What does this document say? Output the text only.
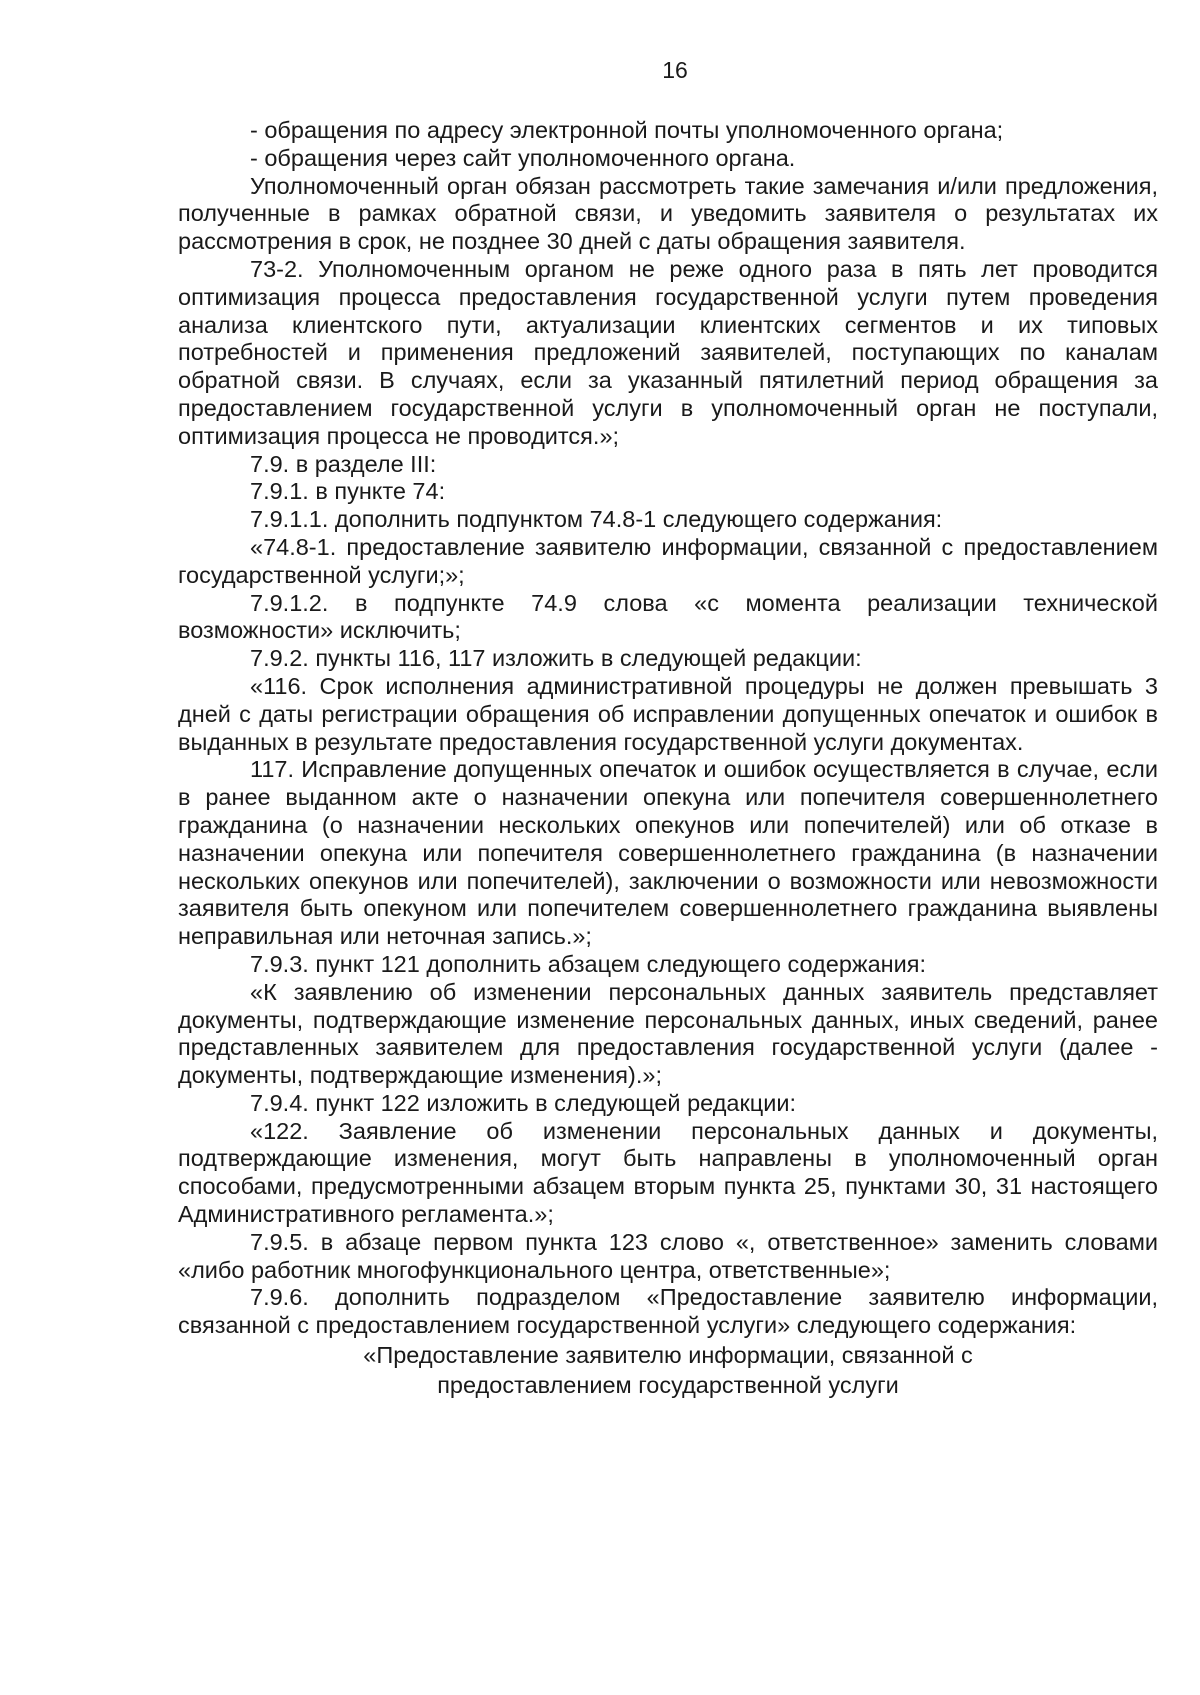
16

- обращения по адресу электронной почты уполномоченного органа;

- обращения через сайт уполномоченного органа.

Уполномоченный орган обязан рассмотреть такие замечания и/или предложения, полученные в рамках обратной связи, и уведомить заявителя о результатах их рассмотрения в срок, не позднее 30 дней с даты обращения заявителя.

73-2. Уполномоченным органом не реже одного раза в пять лет проводится оптимизация процесса предоставления государственной услуги путем проведения анализа клиентского пути, актуализации клиентских сегментов и их типовых потребностей и применения предложений заявителей, поступающих по каналам обратной связи. В случаях, если за указанный пятилетний период обращения за предоставлением государственной услуги в уполномоченный орган не поступали, оптимизация процесса не проводится.»;

7.9. в разделе III:

7.9.1. в пункте 74:

7.9.1.1. дополнить подпунктом 74.8-1 следующего содержания:

«74.8-1. предоставление заявителю информации, связанной с предоставлением государственной услуги;»;

7.9.1.2. в подпункте 74.9 слова «с момента реализации технической возможности» исключить;

7.9.2. пункты 116, 117 изложить в следующей редакции:

«116. Срок исполнения административной процедуры не должен превышать 3 дней с даты регистрации обращения об исправлении допущенных опечаток и ошибок в выданных в результате предоставления государственной услуги документах.

117. Исправление допущенных опечаток и ошибок осуществляется в случае, если в ранее выданном акте о назначении опекуна или попечителя совершеннолетнего гражданина (о назначении нескольких опекунов или попечителей) или об отказе в назначении опекуна или попечителя совершеннолетнего гражданина (в назначении нескольких опекунов или попечителей), заключении о возможности или невозможности заявителя быть опекуном или попечителем совершеннолетнего гражданина выявлены неправильная или неточная запись.»;

7.9.3. пункт 121 дополнить абзацем следующего содержания:

«К заявлению об изменении персональных данных заявитель представляет документы, подтверждающие изменение персональных данных, иных сведений, ранее представленных заявителем для предоставления государственной услуги (далее - документы, подтверждающие изменения).»;

7.9.4. пункт 122 изложить в следующей редакции:

«122. Заявление об изменении персональных данных и документы, подтверждающие изменения, могут быть направлены в уполномоченный орган способами, предусмотренными абзацем вторым пункта 25, пунктами 30, 31 настоящего Административного регламента.»;

7.9.5. в абзаце первом пункта 123 слово «, ответственное» заменить словами «либо работник многофункционального центра, ответственные»;

7.9.6. дополнить подразделом «Предоставление заявителю информации, связанной с предоставлением государственной услуги» следующего содержания:

«Предоставление заявителю информации, связанной с

предоставлением государственной услуги
